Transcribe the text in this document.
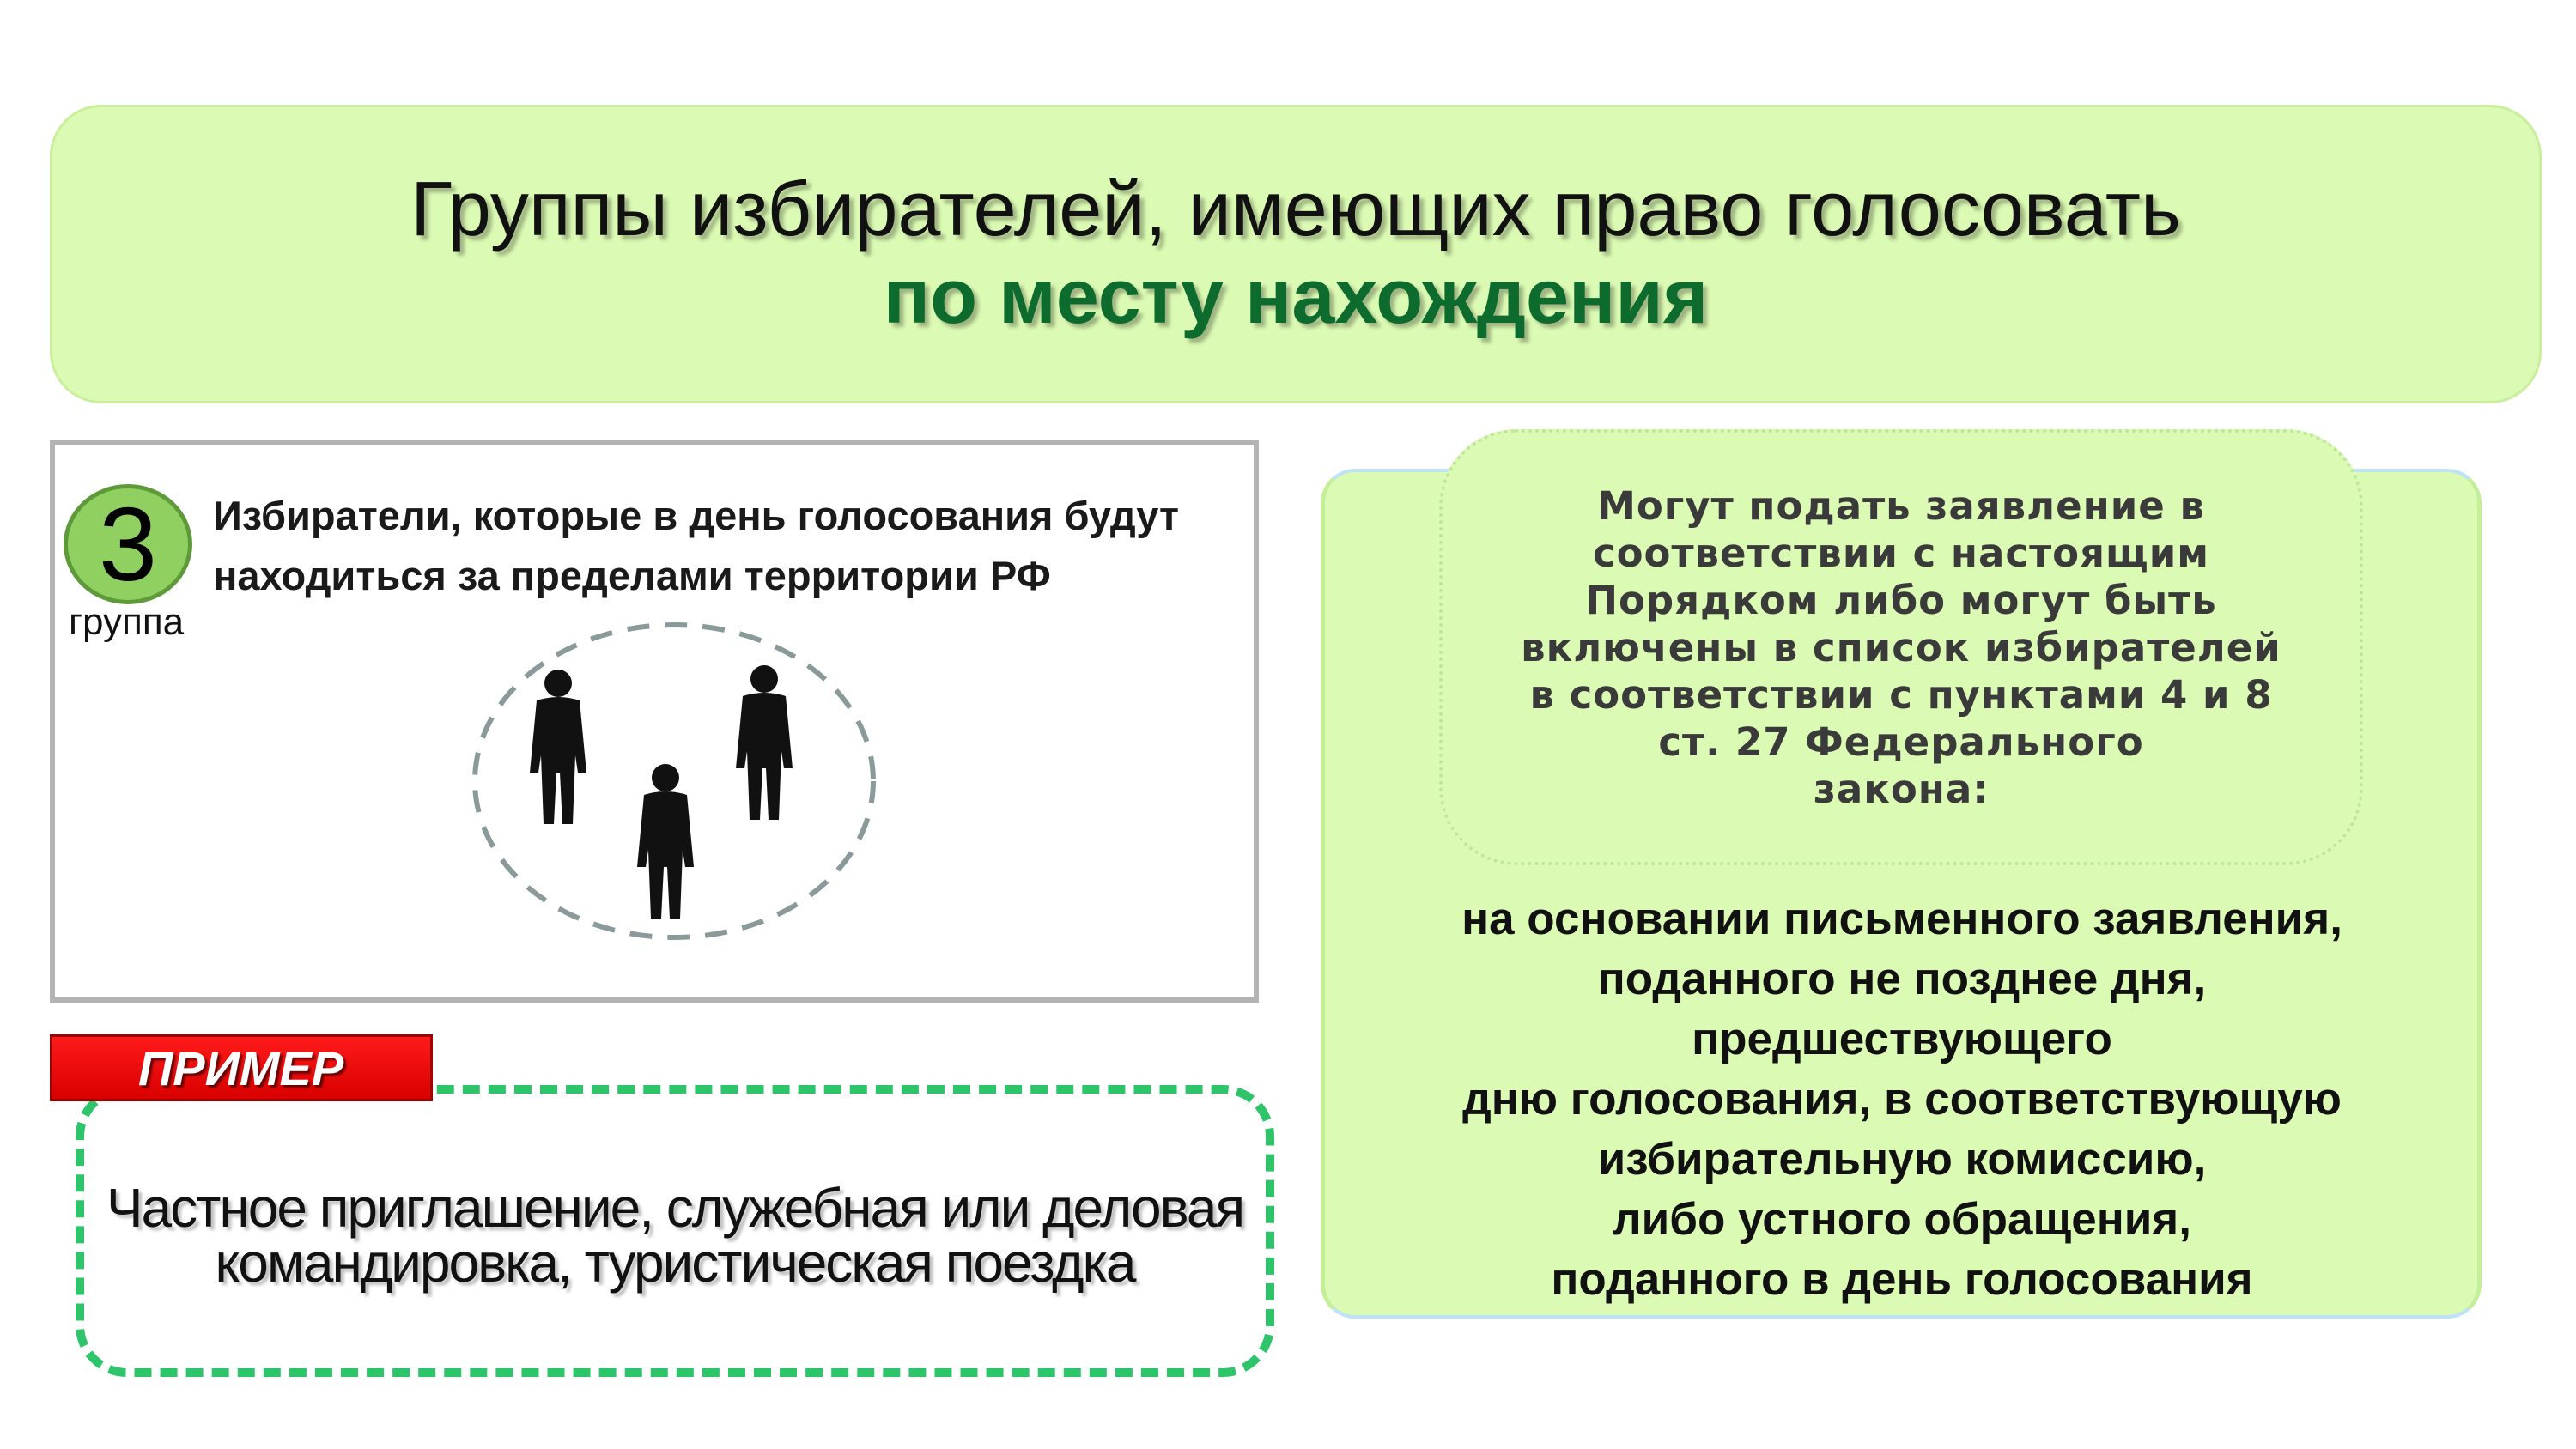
Группы избирателей, имеющих право голосовать
по месту нахождения
3
группа
Избиратели, которые в день голосования будут находиться за пределами территории РФ
Частное приглашение, служебная или деловая командировка, туристическая поездка
ПРИМЕР
Могут подать заявление в
соответствии с настоящим
Порядком либо могут быть
включены в список избирателей
в соответствии с пунктами 4 и 8
ст. 27 Федерального
закона:
на основании письменного заявления,
поданного не позднее дня,
предшествующего
дню голосования, в соответствующую
избирательную комиссию,
либо устного обращения,
поданного в день голосования
